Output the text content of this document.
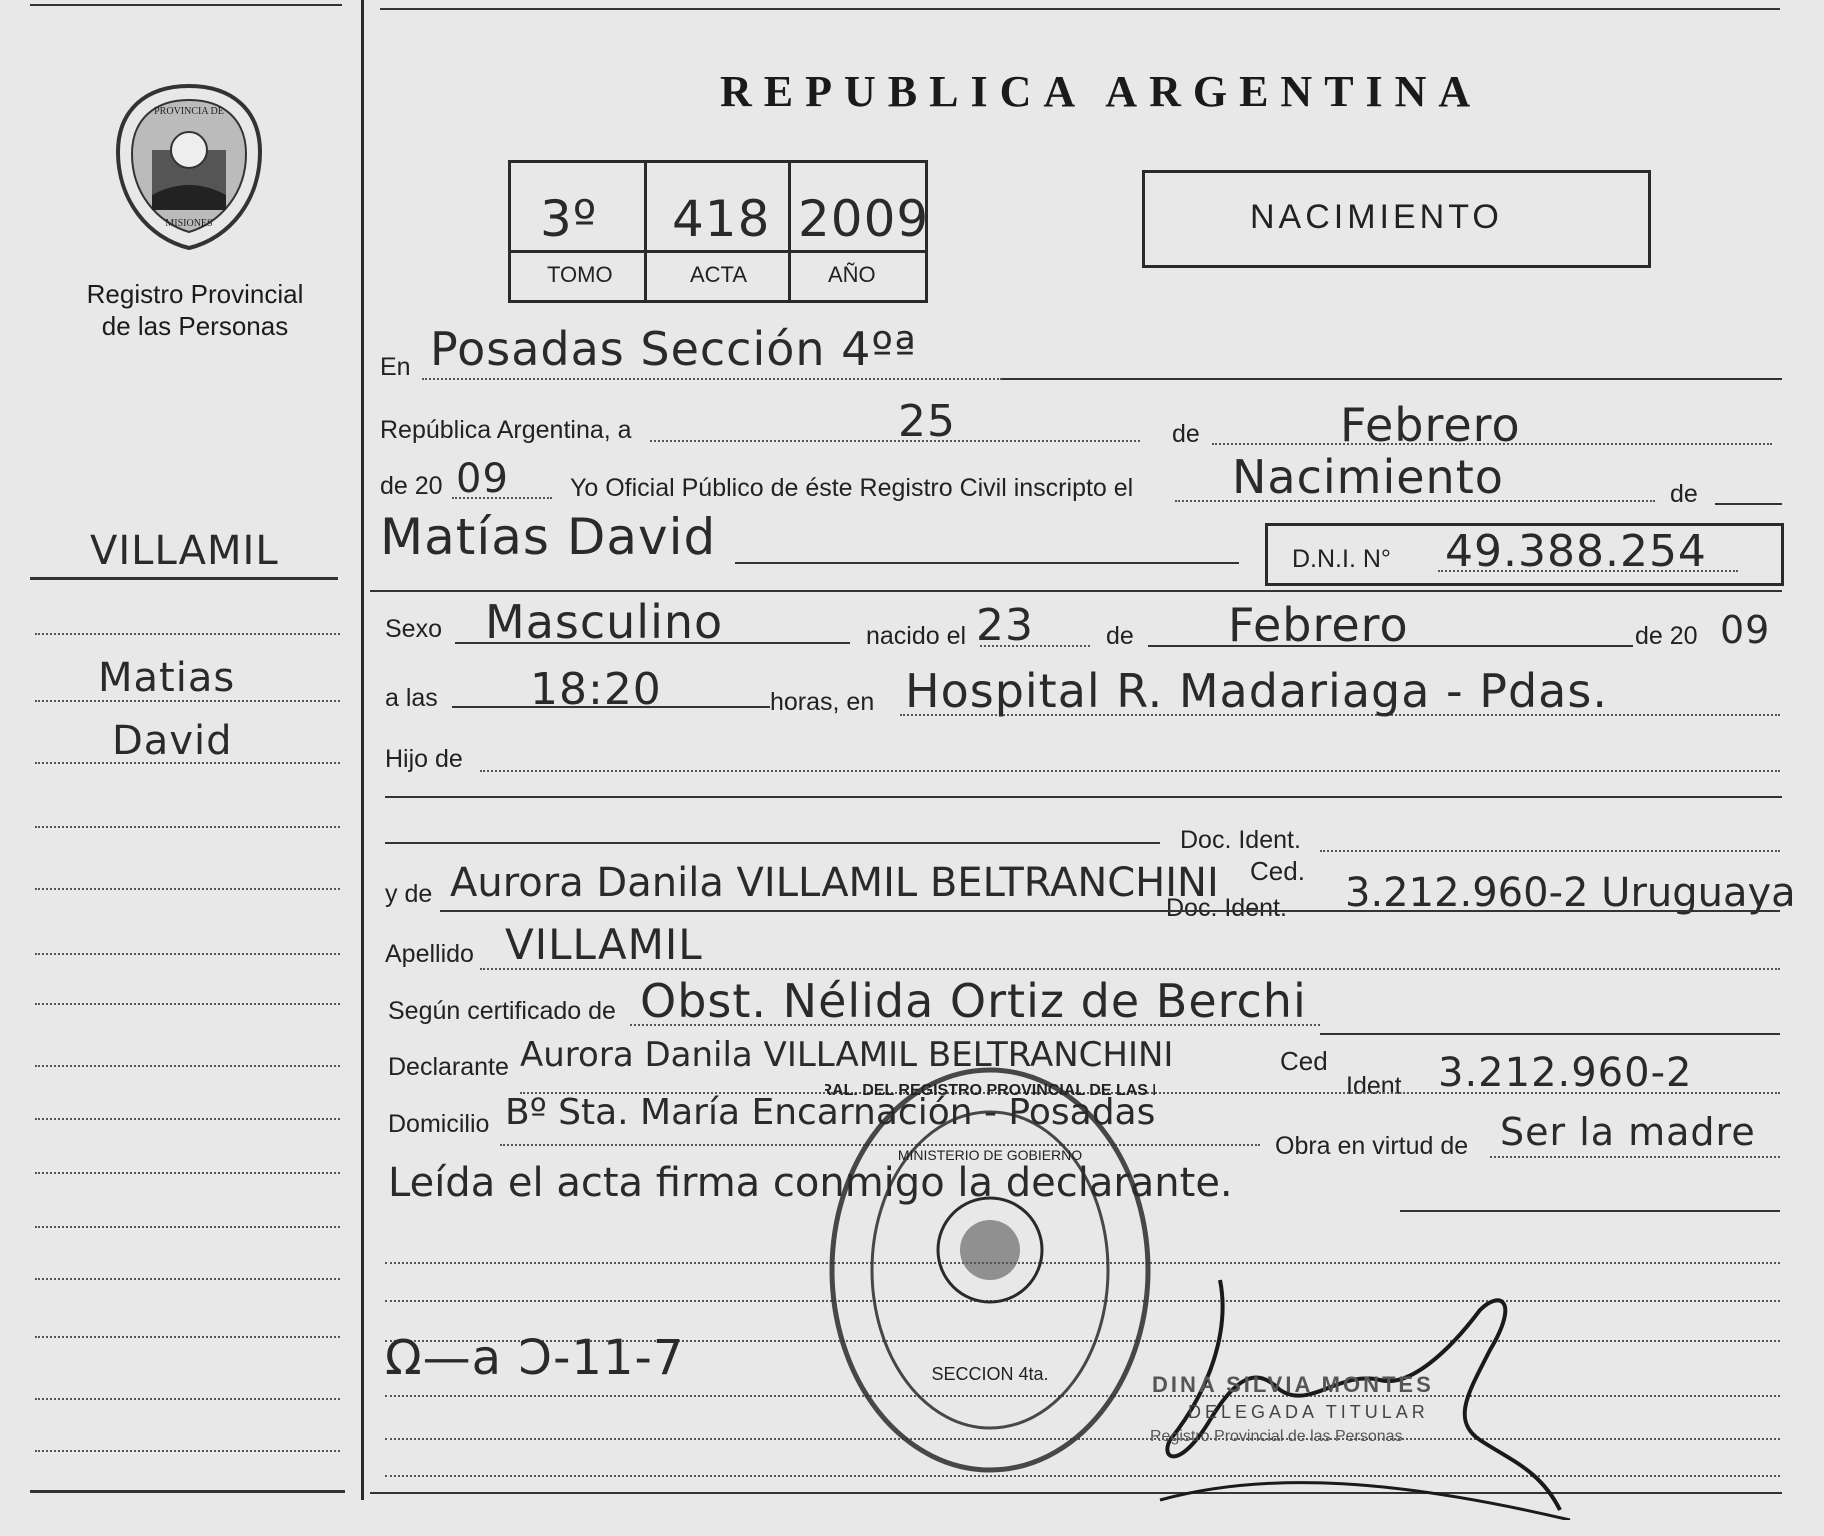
PROVINCIA DE
MISIONES
Registro Provincial
de las Personas
VILLAMIL
Matias
David
REPUBLICA ARGENTINA
3º 418 2009
TOMO	ACTA	AÑO
NACIMIENTO
En Posadas Sección 4ºª
República Argentina, a	25	de	Febrero
de 20 09 Yo Oficial Público de éste Registro Civil inscripto el Nacimiento	de
Matías David	D.N.I. N° 49.388.254
Sexo Masculino	nacido el 23	de Febrero	de 20 09
a las 18:20	horas, en Hospital R. Madariaga - Pdas.
Hijo de
Doc. Ident.
y de Aurora Danila VILLAMIL BELTRANCHINI Ced.
Doc. Ident. 3.212.960-2 Uruguaya
Apellido VILLAMIL
Según certificado de Obst. Nélida Ortiz de Berchi
Declarante Aurora Danila VILLAMIL BELTRANCHINI	Ced
Ident 3.212.960-2
Domicilio Bº Sta. María Encarnación - Posadas
Obra en virtud de Ser la madre
Leída el acta firma conmigo la declarante.
Ω—a Ͻ-11-7
RAL. DEL REGISTRO PROVINCIAL DE LAS
MINISTERIO DE GOBIERNO
SECCION 4ta.	DINA SILVIA MONTES
DELEGADA TITULAR
Registro Provincial de las Personas
